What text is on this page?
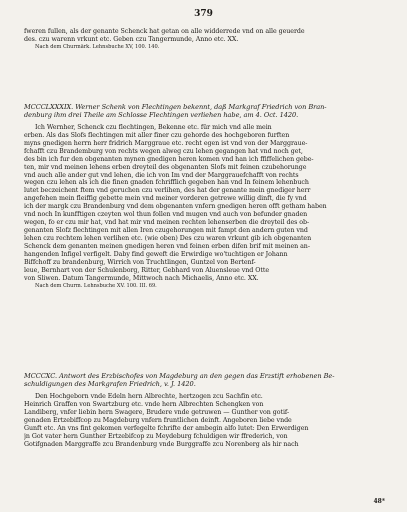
379
fweren fullen, als der genante Schenck hat getan on alle widderrede vnd on alle geuerde
des. czu warenn vrkunt etc. Geben czu Tangermunde, Anno etc. XX.
Nach dem Churmärk. Lehnsbuche XV, 100. 140.
MCCCLXXXIX. Werner Schenk von Flechtingen bekennt, daß Markgraf Friedrich von Bran-
denburg ihm drei Theile am Schlosse Flechtingen verliehen habe, am 4. Oct. 1420.
Ich Wernher, Schenck czu flechtingen, Bekenne etc. für mich vnd alle mein
erben. Als das Slofs flechtingen mit aller finer czu gehorde des hochgeboren furften
myns gnedigen herrn herr fridrich Marggraue etc. recht egen ist vnd von der Marggraue-
fchafft czu Brandemburg von rechts wegen alweg czu lehen gegangen hat vnd noch get,
des bin ich fur den obgenanten mynen gnedigen heren komen vnd han ich ffiffelichen gebe-
ten, mir vnd meinen lehens erben dreyteil des obgenanten Slofs mit feinen czubehorunge
vnd auch alle ander gut vnd lehen, die ich von Im vnd der Marggrauefchafft von rechts
wegen czu lehen als ich die finen gnaden fchrifflich gegeben han vnd In feinem lehenbuch
lutet beczeichent ftem vnd geruchen czu verlihen, des hat der genante mein gnediger herr
angefehen mein fleiffig gebette mein vnd meiner vorderen getrewe willig dinft, die fy vnd
ich der margk czu Brandenburg vnd dem obgenanten vnfern gnedigen heren offt getham haben
vnd noch In kunfftigen czeyten wol thun follen vnd mugen vnd auch von befunder gnaden
wegen, fo er czu mir hat, vnd hat mir vnd meinen rechten lehenserben die dreyteil des ob-
genanten Slofz flechtingen mit allen Iren czugehorungen mit fampt den andern guten vnd
lehen czu rechtem lehen verlihen etc. (wie oben) Des czu waren vrkunt gib ich obgenanten
Schenck dem genanten meinen gnedigen heren vnd feinen erben difen brif mit meinen an-
hangenden Infigel verfigelt. Daby find geweft die Erwirdige wo'tuchtigen er Johann
Biffchoff zu brandenburg, Wirrich von Truchtlingen, Guntzel von Bertenf-
leue, Bernhart von der Schulenborg, Ritter, Gebhard von Aluensleue vnd Otte
von Sliwen. Datum Tangermunde, Mittwoch nach Michaelis, Anno etc. XX.
Nach dem Churm. Lehnsbuche XV. 100. III. 69.
MCCCXC. Antwort des Erzbischofes von Magdeburg an den gegen das Erzstift erhobenen Be-
schuldigungen des Markgrafen Friedrich, v. J. 1420.
Den Hochgeborn vnde Edeln hern Albrechte, hertzogen zcu Sachfin etc.
Heinrich Graffen von Swartzburg etc. vnde hern Albrechten Schengken von
Landiberg, vnfer liebin hern Swagere, Brudere vnde getruwen — Gunther von gotif-
genaden Ertzebiffcop zu Magdeburg vnfern fruntlichen deinft. Angeboren liebe vnde
Gunft etc. An vns fint gekomen verfegelte fchrifte der ambegin alfo lutet: Den Erwerdigen
jn Got vater hern Gunther Ertzebifcop zu Meydeburg fchuldigen wir ffrederich, von
Gotifgnaden Marggraffe zcu Brandenburg vnde Burggraffe zcu Norenberg als hir nach
48*
